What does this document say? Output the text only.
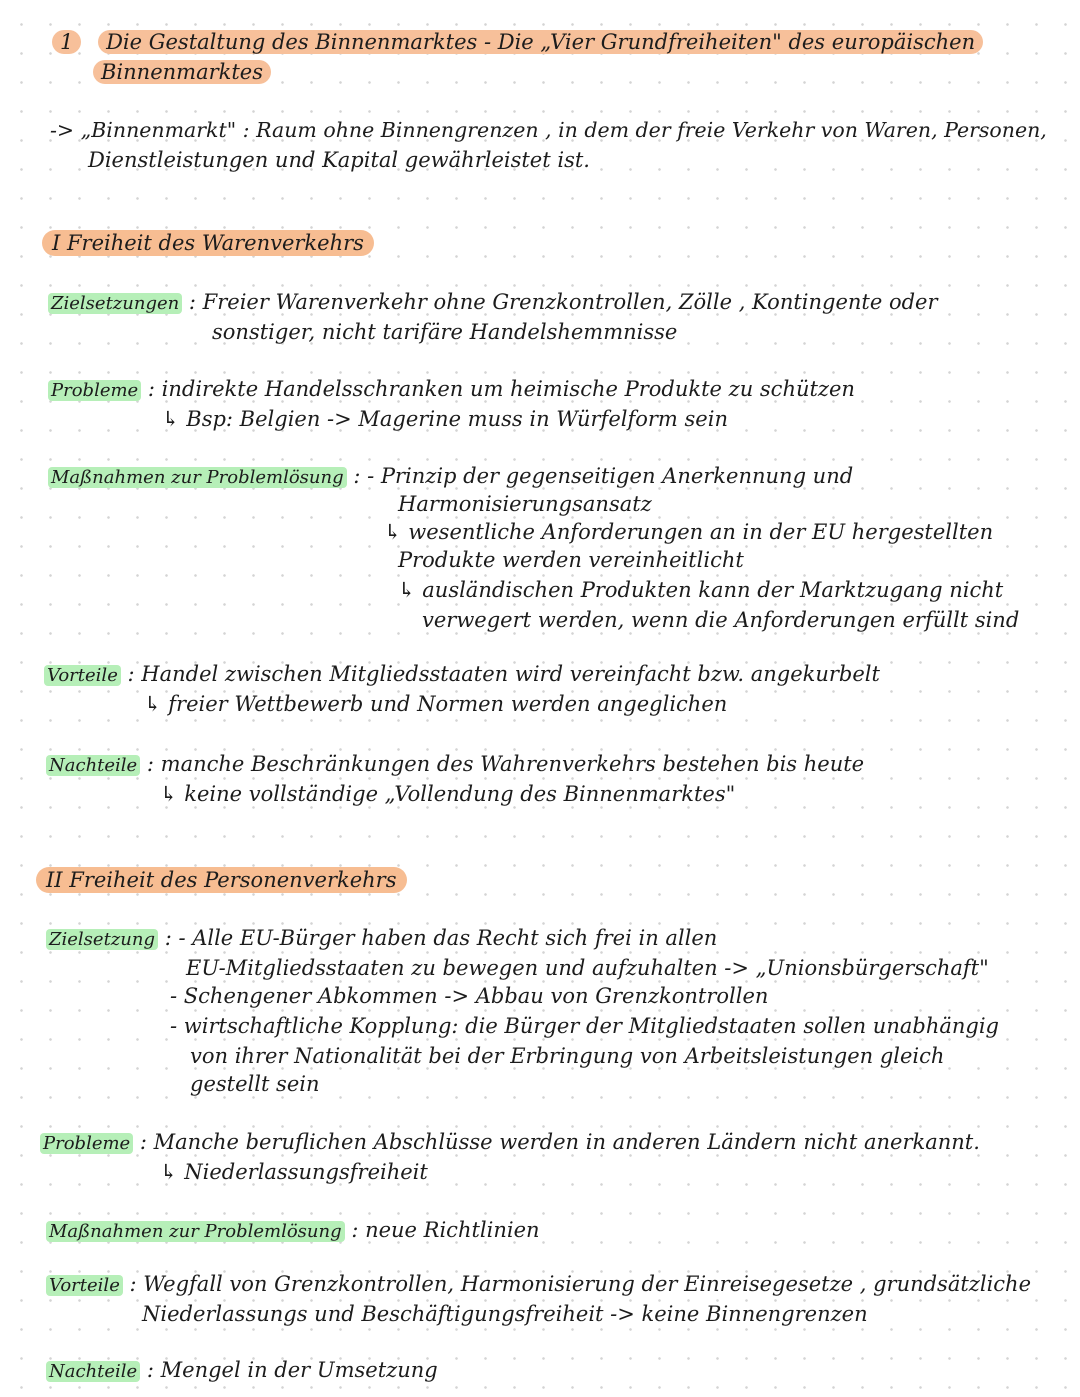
1 Die Gestaltung des Binnenmarktes - Die „Vier Grundfreiheiten" des europäischen
Binnenmarktes
-> „Binnenmarkt" : Raum ohne Binnengrenzen , in dem der freie Verkehr von Waren, Personen,
Dienstleistungen und Kapital gewährleistet ist.
I Freiheit des Warenverkehrs
Zielsetzungen : Freier Warenverkehr ohne Grenzkontrollen, Zölle , Kontingente oder
sonstiger, nicht tarifäre Handelshemmnisse
Probleme : indirekte Handelsschranken um heimische Produkte zu schützen
↳ Bsp: Belgien -> Magerine muss in Würfelform sein
Maßnahmen zur Problemlösung : - Prinzip der gegenseitigen Anerkennung und
Harmonisierungsansatz
↳ wesentliche Anforderungen an in der EU hergestellten
Produkte werden vereinheitlicht
↳ ausländischen Produkten kann der Marktzugang nicht
verwegert werden, wenn die Anforderungen erfüllt sind
Vorteile : Handel zwischen Mitgliedsstaaten wird vereinfacht bzw. angekurbelt
↳ freier Wettbewerb und Normen werden angeglichen
Nachteile : manche Beschränkungen des Wahrenverkehrs bestehen bis heute
↳ keine vollständige „Vollendung des Binnenmarktes"
II Freiheit des Personenverkehrs
Zielsetzung : - Alle EU-Bürger haben das Recht sich frei in allen
EU-Mitgliedsstaaten zu bewegen und aufzuhalten -> „Unionsbürgerschaft"
- Schengener Abkommen -> Abbau von Grenzkontrollen
- wirtschaftliche Kopplung: die Bürger der Mitgliedstaaten sollen unabhängig
von ihrer Nationalität bei der Erbringung von Arbeitsleistungen gleich
gestellt sein
Probleme : Manche beruflichen Abschlüsse werden in anderen Ländern nicht anerkannt.
↳ Niederlassungsfreiheit
Maßnahmen zur Problemlösung : neue Richtlinien
Vorteile : Wegfall von Grenzkontrollen, Harmonisierung der Einreisegesetze , grundsätzliche
Niederlassungs und Beschäftigungsfreiheit -> keine Binnengrenzen
Nachteile : Mengel in der Umsetzung
